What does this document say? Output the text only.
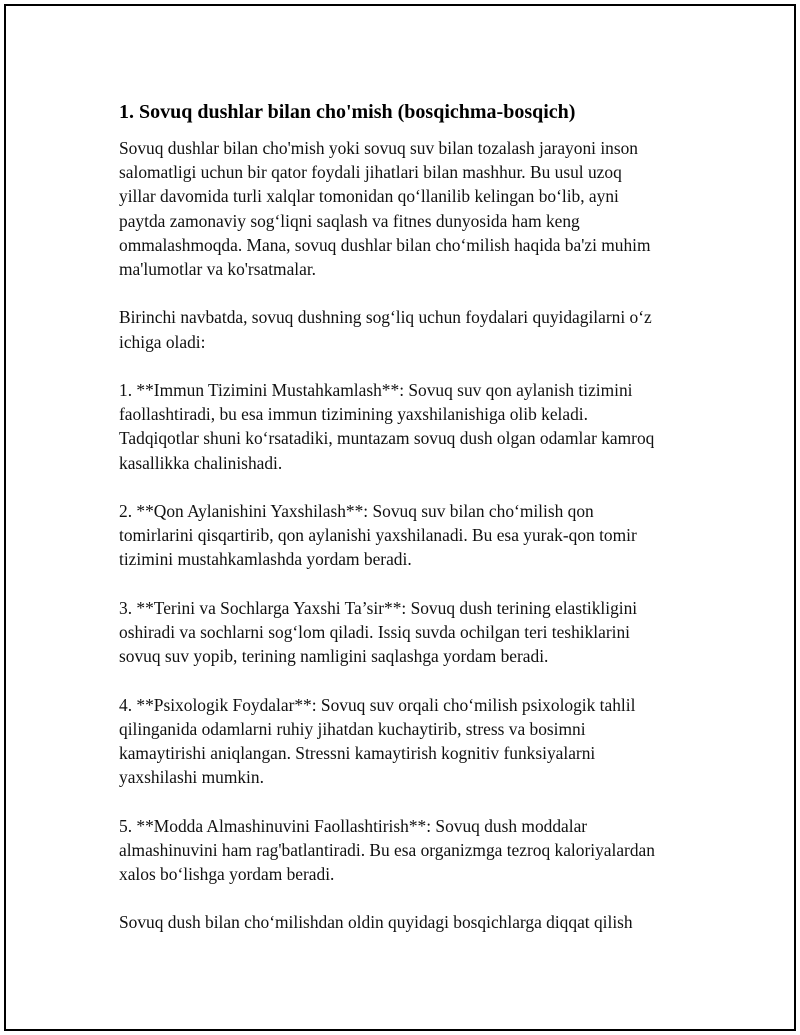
1. Sovuq dushlar bilan cho'mish (bosqichma-bosqich)

Sovuq dushlar bilan cho'mish yoki sovuq suv bilan tozalash jarayoni inson
salomatligi uchun bir qator foydali jihatlari bilan mashhur. Bu usul uzoq
yillar davomida turli xalqlar tomonidan qo‘llanilib kelingan bo‘lib, ayni
paytda zamonaviy sog‘liqni saqlash va fitnes dunyosida ham keng
ommalashmoqda. Mana, sovuq dushlar bilan cho‘milish haqida ba'zi muhim
ma'lumotlar va ko'rsatmalar.

Birinchi navbatda, sovuq dushning sog‘liq uchun foydalari quyidagilarni o‘z
ichiga oladi:

1. **Immun Tizimini Mustahkamlash**: Sovuq suv qon aylanish tizimini
faollashtiradi, bu esa immun tizimining yaxshilanishiga olib keladi.
Tadqiqotlar shuni ko‘rsatadiki, muntazam sovuq dush olgan odamlar kamroq
kasallikka chalinishadi.

2. **Qon Aylanishini Yaxshilash**: Sovuq suv bilan cho‘milish qon
tomirlarini qisqartirib, qon aylanishi yaxshilanadi. Bu esa yurak-qon tomir
tizimini mustahkamlashda yordam beradi.

3. **Terini va Sochlarga Yaxshi Ta’sir**: Sovuq dush terining elastikligini
oshiradi va sochlarni sog‘lom qiladi. Issiq suvda ochilgan teri teshiklarini
sovuq suv yopib, terining namligini saqlashga yordam beradi.

4. **Psixologik Foydalar**: Sovuq suv orqali cho‘milish psixologik tahlil
qilinganida odamlarni ruhiy jihatdan kuchaytirib, stress va bosimni
kamaytirishi aniqlangan. Stressni kamaytirish kognitiv funksiyalarni
yaxshilashi mumkin.

5. **Modda Almashinuvini Faollashtirish**: Sovuq dush moddalar
almashinuvini ham rag'batlantiradi. Bu esa organizmga tezroq kaloriyalardan
xalos bo‘lishga yordam beradi.

Sovuq dush bilan cho‘milishdan oldin quyidagi bosqichlarga diqqat qilish
